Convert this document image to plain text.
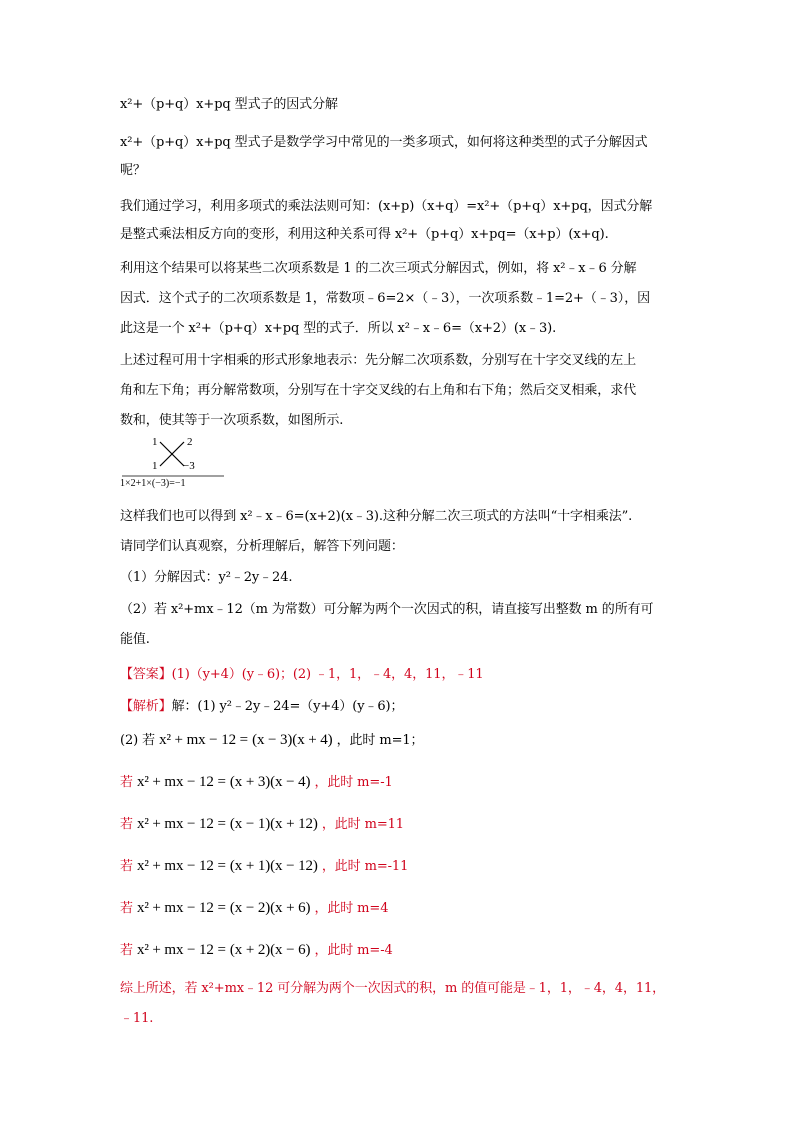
x²+（p+q）x+pq 型式子的因式分解
x²+（p+q）x+pq 型式子是数学学习中常见的一类多项式，如何将这种类型的式子分解因式
呢？
我们通过学习，利用多项式的乘法法则可知：(x+p)（x+q）=x²+（p+q）x+pq，因式分解
是整式乘法相反方向的变形，利用这种关系可得 x²+（p+q）x+pq=（x+p）(x+q).
利用这个结果可以将某些二次项系数是 1 的二次三项式分解因式，例如，将 x²﹣x﹣6 分解
因式．这个式子的二次项系数是 1，常数项﹣6=2×（﹣3），一次项系数﹣1=2+（﹣3），因
此这是一个 x²+（p+q）x+pq 型的式子．所以 x²﹣x﹣6=（x+2）(x﹣3).
上述过程可用十字相乘的形式形象地表示：先分解二次项系数，分别写在十字交叉线的左上
角和左下角；再分解常数项，分别写在十字交叉线的右上角和右下角；然后交叉相乘，求代
数和，使其等于一次项系数，如图所示.
1	2
1 −3
1×2+1×(−3)=−1
这样我们也可以得到 x²﹣x﹣6=(x+2)(x﹣3).这种分解二次三项式的方法叫“十字相乘法”.
请同学们认真观察，分析理解后，解答下列问题：
（1）分解因式：y²﹣2y﹣24.
（2）若 x²+mx﹣12（m 为常数）可分解为两个一次因式的积，请直接写出整数 m 的所有可
能值.
【答案】(1)（y+4）(y﹣6)；(2) ﹣1，1，﹣4，4，11，﹣11
【解析】解：(1) y²﹣2y﹣24=（y+4）(y﹣6)；
(2) 若 x² + mx − 12 = (x − 3)(x + 4) ，此时 m=1；
若 x² + mx − 12 = (x + 3)(x − 4) ，此时 m=-1
若 x² + mx − 12 = (x − 1)(x + 12) ，此时 m=11
若 x² + mx − 12 = (x + 1)(x − 12) ，此时 m=-11
若 x² + mx − 12 = (x − 2)(x + 6) ，此时 m=4
若 x² + mx − 12 = (x + 2)(x − 6) ，此时 m=-4
综上所述，若 x²+mx﹣12 可分解为两个一次因式的积，m 的值可能是﹣1，1，﹣4，4，11，
﹣11.
